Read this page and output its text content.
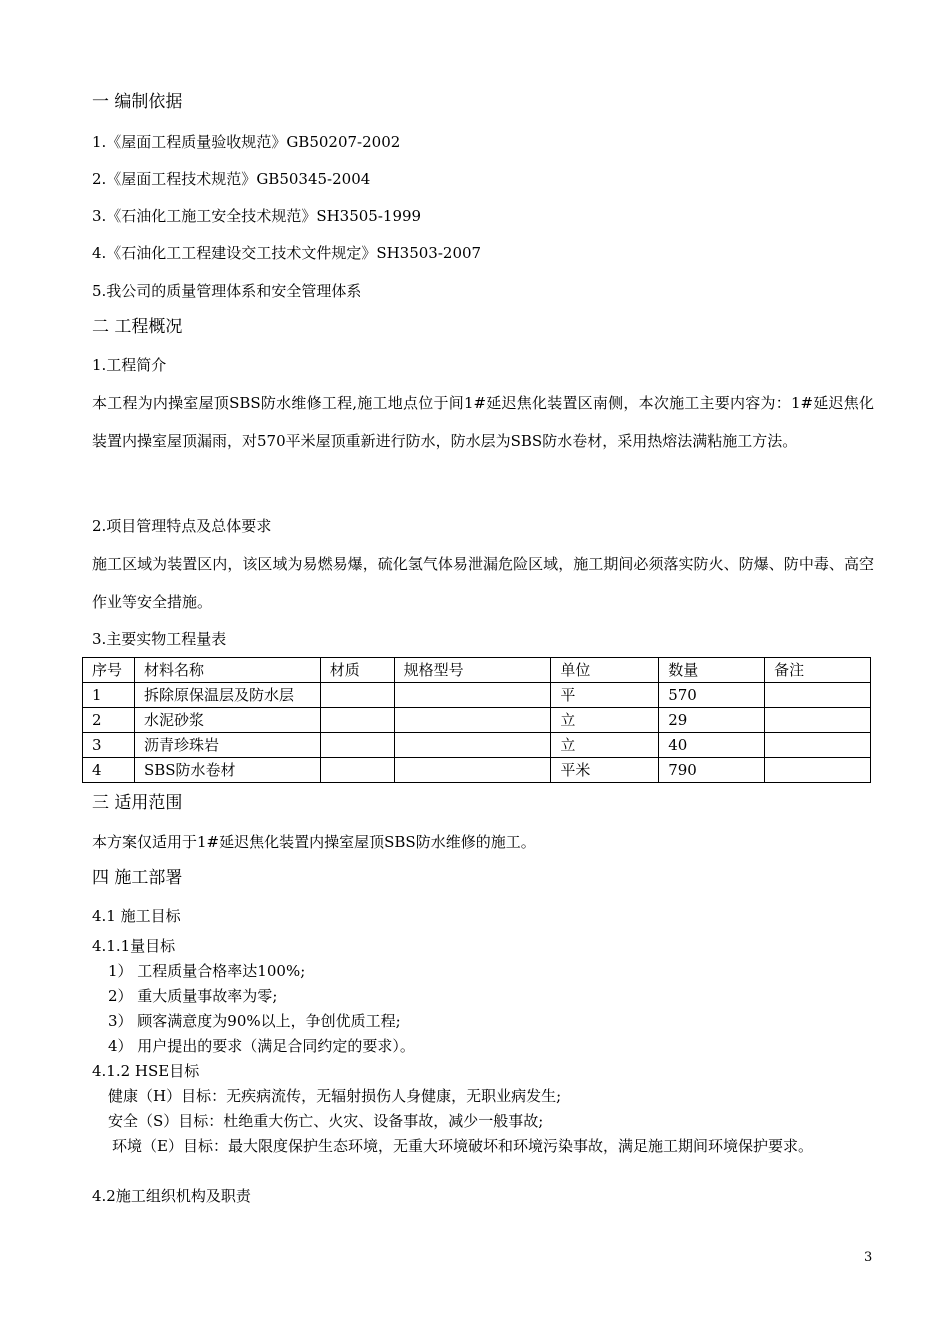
一 编制依据
1.《屋面工程质量验收规范》GB50207-2002
2.《屋面工程技术规范》GB50345-2004
3.《石油化工施工安全技术规范》SH3505-1999
4.《石油化工工程建设交工技术文件规定》SH3503-2007
5.我公司的质量管理体系和安全管理体系
二 工程概况
1.工程简介
本工程为内操室屋顶SBS防水维修工程,施工地点位于间1#延迟焦化装置区南侧，本次施工主要内容为：1#延迟焦化装置内操室屋顶漏雨，对570平米屋顶重新进行防水，防水层为SBS防水卷材，采用热熔法满粘施工方法。
2.项目管理特点及总体要求
施工区域为装置区内，该区域为易燃易爆，硫化氢气体易泄漏危险区域，施工期间必须落实防火、防爆、防中毒、高空作业等安全措施。
3.主要实物工程量表
序号	材料名称	材质	规格型号	单位	数量	备注
1	拆除原保温层及防水层			平	570	
2	水泥砂浆			立	29	
3	沥青珍珠岩			立	40	
4	SBS防水卷材			平米	790	
三 适用范围
本方案仅适用于1#延迟焦化装置内操室屋顶SBS防水维修的施工。
四 施工部署
4.1 施工目标
4.1.1量目标
1） 工程质量合格率达100%;
2） 重大质量事故率为零;
3） 顾客满意度为90%以上，争创优质工程;
4） 用户提出的要求（满足合同约定的要求）。
4.1.2 HSE目标
健康（H）目标：无疾病流传，无辐射损伤人身健康，无职业病发生;
安全（S）目标：杜绝重大伤亡、火灾、设备事故，减少一般事故;
环境（E）目标：最大限度保护生态环境，无重大环境破坏和环境污染事故，满足施工期间环境保护要求。
4.2施工组织机构及职责
3
